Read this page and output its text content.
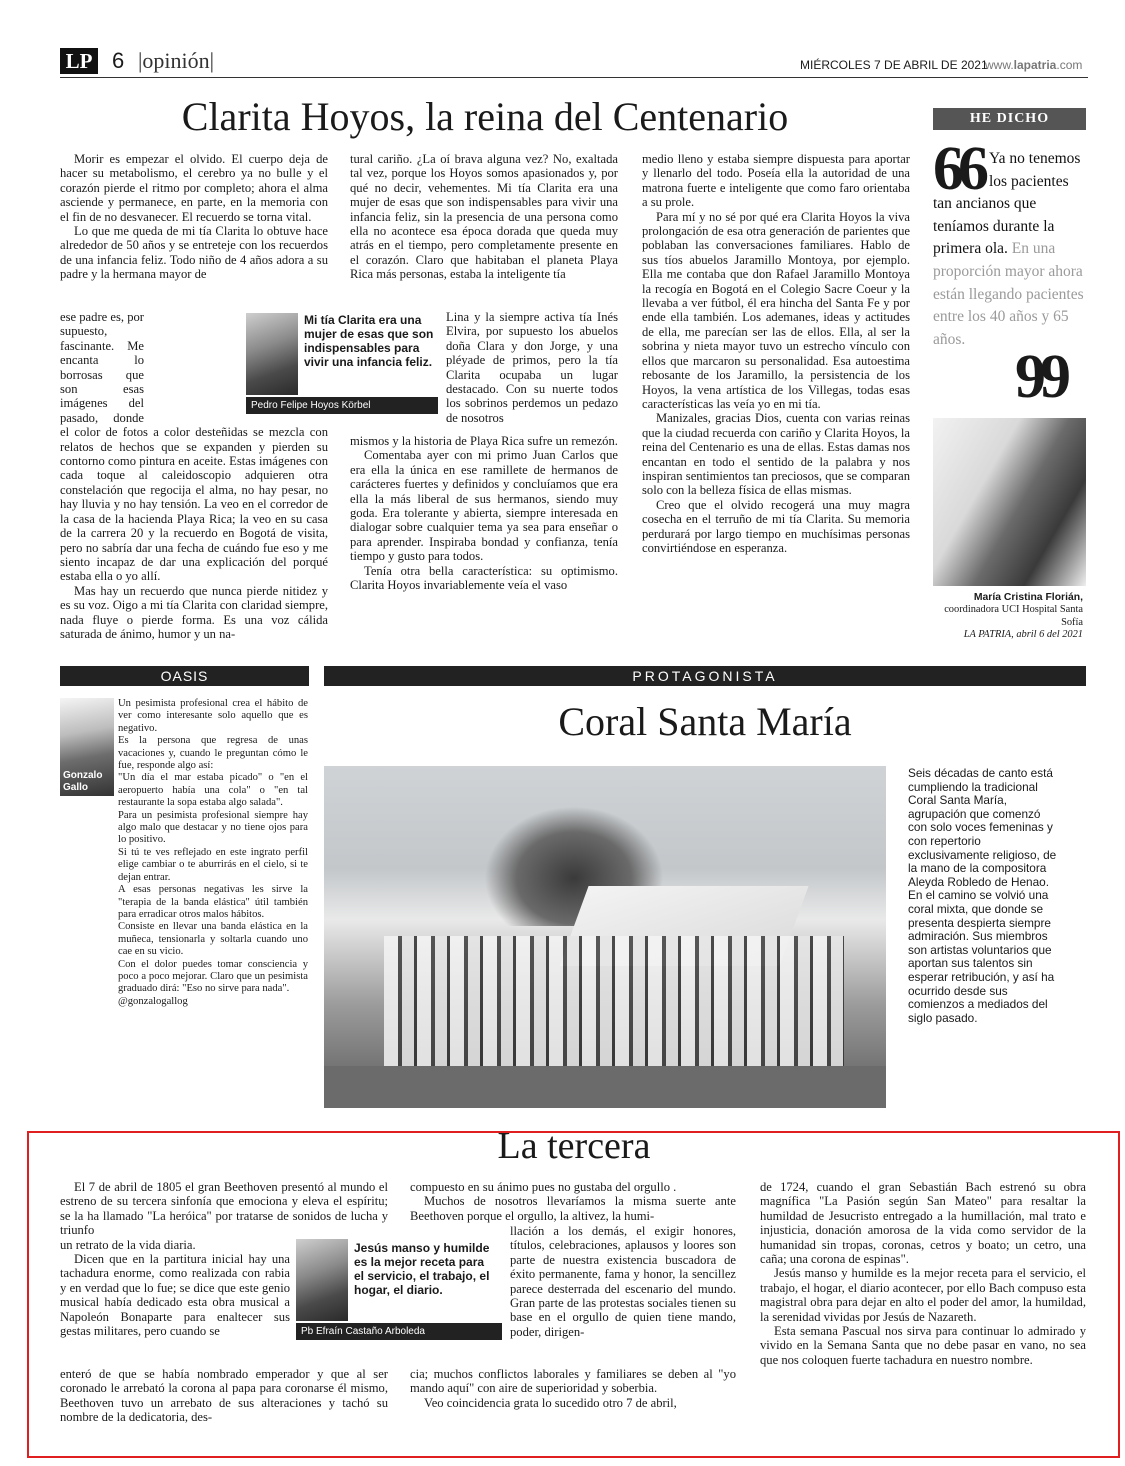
LP 6 |opinión|	MIÉRCOLES 7 DE ABRIL DE 2021
www.lapatria.com
Clarita Hoyos, la reina del Centenario

Morir es empezar el olvido. El cuerpo deja de hacer su metabolismo, el cerebro ya no bulle y el corazón pierde el ritmo por completo; ahora el alma asciende y permanece, en parte, en la memoria con el fin de no desvanecer. El recuerdo se torna vital.

Lo que me queda de mi tía Clarita lo obtuve hace alrededor de 50 años y se entreteje con los recuerdos de una infancia feliz. Todo niño de 4 años adora a su padre y la hermana mayor de

ese padre es, por supuesto, fascinante. Me encanta lo borrosas que son esas imágenes del pasado, donde el color de fotos a color desteñidas se mezcla con relatos de hechos que se expanden y pierden su contorno como pintura en aceite. Estas imágenes con cada toque al caleidoscopio adquieren otra constelación que regocija el alma, no hay pesar, no hay lluvia y no hay tensión. La veo en el corredor de la casa de la hacienda Playa Rica; la veo en su casa de la carrera 20 y la recuerdo en Bogotá de visita, pero no sabría dar una fecha de cuándo fue eso y me siento incapaz de dar una explicación del porqué estaba ella o yo allí.

Mas hay un recuerdo que nunca pierde nitidez y es su voz. Oigo a mi tía Clarita con claridad siempre, nada fluye o pierde forma. Es una voz cálida saturada de ánimo, humor y un na-

Mi tía Clarita era una mujer de esas que son indispensables para vivir una infancia feliz.
Pedro Felipe Hoyos Körbel

tural cariño. ¿La oí brava alguna vez? No, exaltada tal vez, porque los Hoyos somos apasionados y, por qué no decir, vehementes. Mi tía Clarita era una mujer de esas que son indispensables para vivir una infancia feliz, sin la presencia de una persona como ella no acontece esa época dorada que queda muy atrás en el tiempo, pero completamente presente en el corazón. Claro que habitaban el planeta Playa Rica más personas, estaba la inteligente tía

Lina y la siempre activa tía Inés Elvira, por supuesto los abuelos doña Clara y don Jorge, y una pléyade de primos, pero la tía Clarita ocupaba un lugar destacado. Con su nuerte todos los sobrinos perdemos un pedazo de nosotros

mismos y la historia de Playa Rica sufre un remezón.

Comentaba ayer con mi primo Juan Carlos que era ella la única en ese ramillete de hermanos de carácteres fuertes y definidos y concluíamos que era ella la más liberal de sus hermanos, siendo muy goda. Era tolerante y abierta, siempre interesada en dialogar sobre cualquier tema ya sea para enseñar o para aprender. Inspiraba bondad y confianza, tenía tiempo y gusto para todos.

Tenía otra bella característica: su optimismo. Clarita Hoyos invariablemente veía el vaso

medio lleno y estaba siempre dispuesta para aportar y llenarlo del todo. Poseía ella la autoridad de una matrona fuerte e inteligente que como faro orientaba a su prole.

Para mí y no sé por qué era Clarita Hoyos la viva prolongación de esa otra generación de parientes que poblaban las conversaciones familiares. Hablo de sus tíos abuelos Jaramillo Montoya, por ejemplo. Ella me contaba que don Rafael Jaramillo Montoya la recogía en Bogotá en el Colegio Sacre Coeur y la llevaba a ver fútbol, él era hincha del Santa Fe y por ende ella también. Los ademanes, ideas y actitudes de ella, me parecían ser las de ellos. Ella, al ser la sobrina y nieta mayor tuvo un estrecho vínculo con ellos que marcaron su personalidad. Esa autoestima rebosante de los Jaramillo, la persistencia de los Hoyos, la vena artística de los Villegas, todas esas características las veía yo en mi tía.

Manizales, gracias Dios, cuenta con varias reinas que la ciudad recuerda con cariño y Clarita Hoyos, la reina del Centenario es una de ellas. Estas damas nos encantan en todo el sentido de la palabra y nos inspiran sentimientos tan preciosos, que se comparan solo con la belleza física de ellas mismas.

Creo que el olvido recogerá una muy magra cosecha en el terruño de mi tía Clarita. Su memoria perdurará por largo tiempo en muchísimas personas convirtiéndose en esperanza.

HE DICHO
66 Ya no tenemos los pacientes tan ancianos que teníamos durante la primera ola. En una proporción mayor ahora están llegando pacientes entre los 40 años y 65 años.
99
María Cristina Florián,
coordinadora UCI Hospital Santa Sofía
LA PATRIA, abril 6 del 2021
OASIS
Gonzalo
Gallo

Un pesimista profesional crea el hábito de ver como interesante solo aquello que es negativo.

Es la persona que regresa de unas vacaciones y, cuando le preguntan cómo le fue, responde algo así:

"Un día el mar estaba picado" o "en el aeropuerto había una cola" o "en tal restaurante la sopa estaba algo salada".

Para un pesimista profesional siempre hay algo malo que destacar y no tiene ojos para lo positivo.

Si tú te ves reflejado en este ingrato perfil elige cambiar o te aburrirás en el cielo, si te dejan entrar.

A esas personas negativas les sirve la "terapia de la banda elástica" útil también para erradicar otros malos hábitos.

Consiste en llevar una banda elástica en la muñeca, tensionarla y soltarla cuando uno cae en su vicio.

Con el dolor puedes tomar consciencia y poco a poco mejorar. Claro que un pesimista graduado dirá: "Eso no sirve para nada".

@gonzalogallog

PROTAGONISTA
Coral Santa María
Seis décadas de canto está cumpliendo la tradicional Coral Santa María, agrupación que comenzó con solo voces femeninas y con repertorio exclusivamente religioso, de la mano de la compositora Aleyda Robledo de Henao. En el camino se volvió una coral mixta, que donde se presenta despierta siempre admiración. Sus miembros son artistas voluntarios que aportan sus talentos sin esperar retribución, y así ha ocurrido desde sus comienzos a mediados del siglo pasado.
La tercera

El 7 de abril de 1805 el gran Beethoven presentó al mundo el estreno de su tercera sinfonía que emociona y eleva el espíritu; se la ha llamado "La heróica" por tratarse de sonidos de lucha y triunfo

un retrato de la vida diaria.

Dicen que en la partitura inicial hay una tachadura enorme, como realizada con rabia y en verdad que lo fue; se dice que este genio musical había dedicado esta obra musical a Napoleón Bonaparte para enaltecer sus gestas militares, pero cuando se

enteró de que se había nombrado emperador y que al ser coronado le arrebató la corona al papa para coronarse él mismo, Beethoven tuvo un arrebato de sus alteraciones y tachó su nombre de la dedicatoria, des-

Jesús manso y humilde es la mejor receta para el servicio, el trabajo, el hogar, el diario.
Pb Efraín Castaño Arboleda

compuesto en su ánimo pues no gustaba del orgullo .

Muchos de nosotros llevaríamos la misma suerte ante Beethoven porque el orgullo, la altivez, la humi-

llación a los demás, el exigir honores, títulos, celebraciones, aplausos y loores son parte de nuestra existencia buscadora de éxito permanente, fama y honor, la sencillez parece desterrada del escenario del mundo. Gran parte de las protestas sociales tienen su base en el orgullo de quien tiene mando, poder, dirigen-

cia; muchos conflictos laborales y familiares se deben al "yo mando aquí" con aire de superioridad y soberbia.

Veo coincidencia grata lo sucedido otro 7 de abril,

de 1724, cuando el gran Sebastián Bach estrenó su obra magnífica "La Pasión según San Mateo" para resaltar la humildad de Jesucristo entregado a la humillación, mal trato e injusticia, donación amorosa de la vida como servidor de la humanidad sin tropas, coronas, cetros y boato; un cetro, una caña; una corona de espinas".

Jesús manso y humilde es la mejor receta para el servicio, el trabajo, el hogar, el diario acontecer, por ello Bach compuso esta magistral obra para dejar en alto el poder del amor, la humildad, la serenidad vividas por Jesús de Nazareth.

Esta semana Pascual nos sirva para continuar lo admirado y vivido en la Semana Santa que no debe pasar en vano, no sea que nos coloquen fuerte tachadura en nuestro nombre.
